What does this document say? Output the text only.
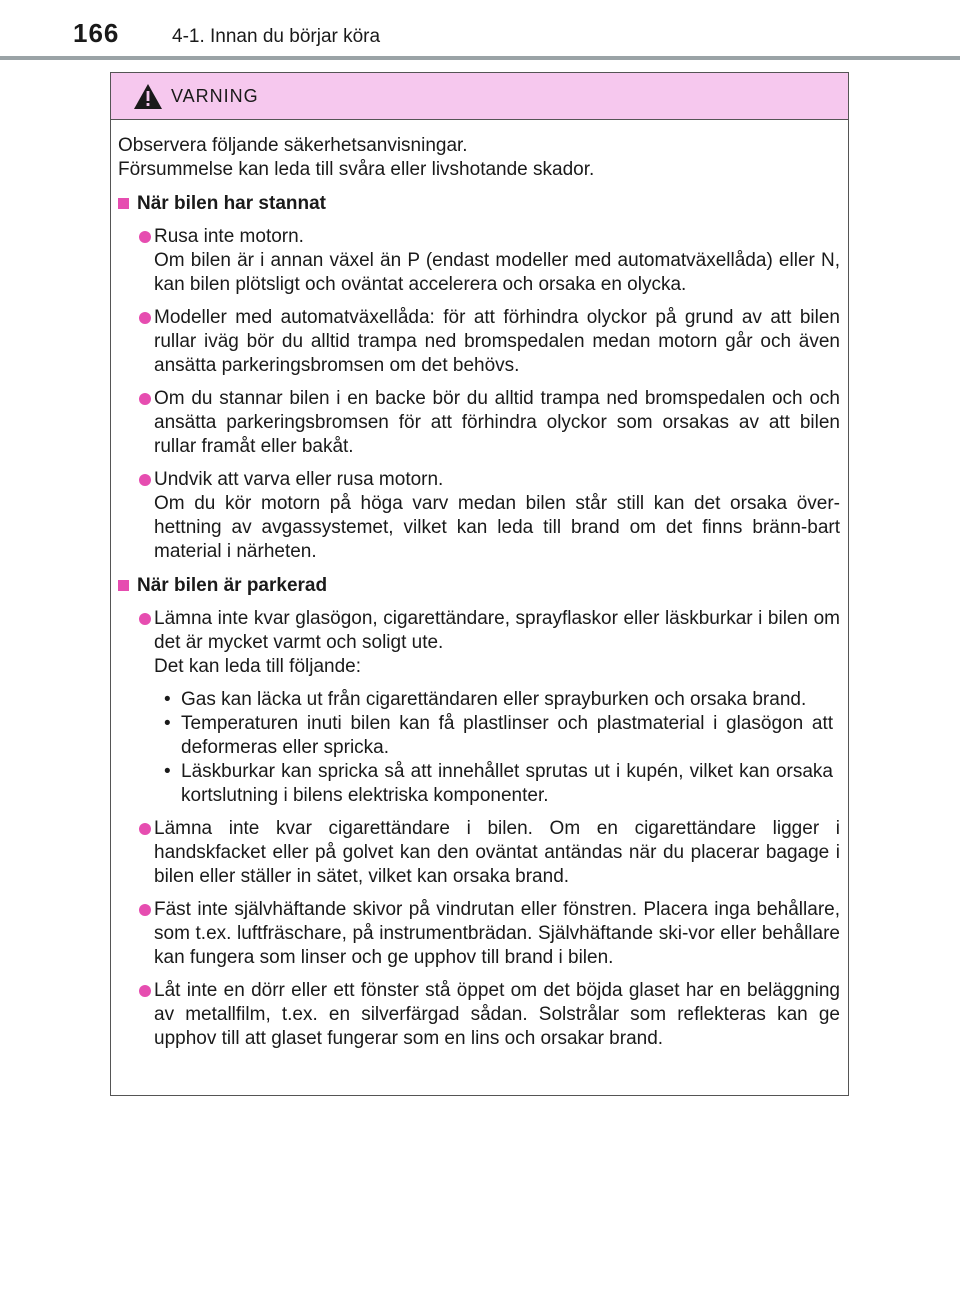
166	4-1. Innan du börjar köra
VARNING

Observera följande säkerhetsanvisningar.

Försummelse kan leda till svåra eller livshotande skador.

När bilen har stannat

Rusa inte motorn.

Om bilen är i annan växel än P (endast modeller med automatväxellåda) eller N, kan bilen plötsligt och oväntat accelerera och orsaka en olycka.

Modeller med automatväxellåda: för att förhindra olyckor på grund av att bilen rullar iväg bör du alltid trampa ned bromspedalen medan motorn går och även ansätta parkeringsbromsen om det behövs.

Om du stannar bilen i en backe bör du alltid trampa ned bromspedalen och och ansätta parkeringsbromsen för att förhindra olyckor som orsakas av att bilen rullar framåt eller bakåt.

Undvik att varva eller rusa motorn.

Om du kör motorn på höga varv medan bilen står still kan det orsaka över-hettning av avgassystemet, vilket kan leda till brand om det finns bränn-bart material i närheten.

När bilen är parkerad

Lämna inte kvar glasögon, cigarettändare, sprayflaskor eller läskburkar i bilen om det är mycket varmt och soligt ute.

Det kan leda till följande:

• Gas kan läcka ut från cigarettändaren eller sprayburken och orsaka brand.
• Temperaturen inuti bilen kan få plastlinser och plastmaterial i glasögon att deformeras eller spricka.
• Läskburkar kan spricka så att innehållet sprutas ut i kupén, vilket kan orsaka kortslutning i bilens elektriska komponenter.

Lämna inte kvar cigarettändare i bilen. Om en cigarettändare ligger i handskfacket eller på golvet kan den oväntat antändas när du placerar bagage i bilen eller ställer in sätet, vilket kan orsaka brand.

Fäst inte självhäftande skivor på vindrutan eller fönstren. Placera inga behållare, som t.ex. luftfräschare, på instrumentbrädan. Självhäftande ski-vor eller behållare kan fungera som linser och ge upphov till brand i bilen.

Låt inte en dörr eller ett fönster stå öppet om det böjda glaset har en beläggning av metallfilm, t.ex. en silverfärgad sådan. Solstrålar som reflekteras kan ge upphov till att glaset fungerar som en lins och orsakar brand.
